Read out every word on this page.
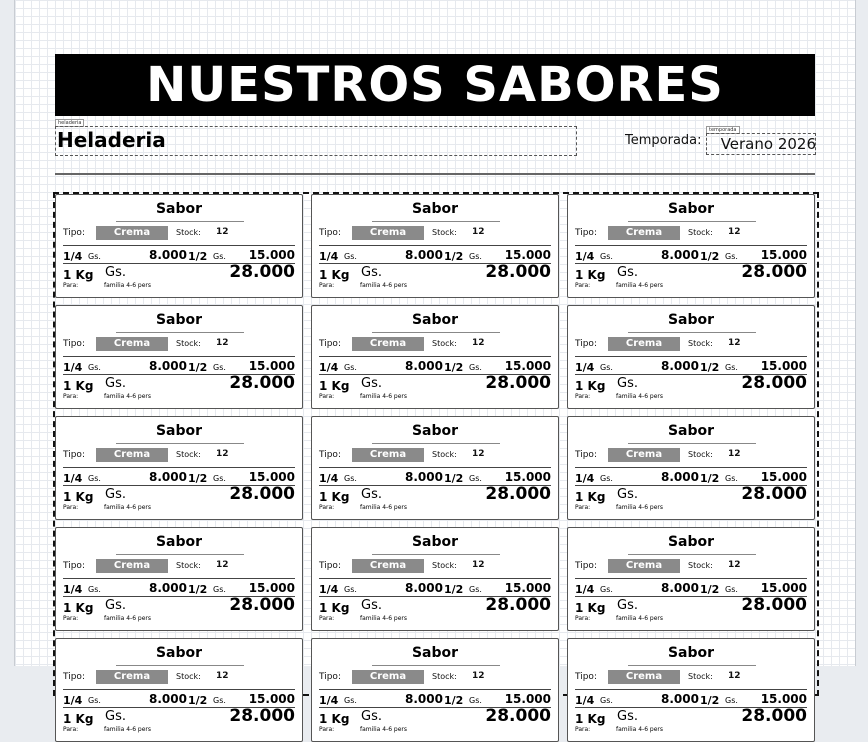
NUESTROS SABORES
heladeria
Heladeria	Temporada:
temporada
Verano 2026
Sabor
Tipo:	Crema	Stock: 12
1/4 Gs.	8.000 1/2 Gs. 15.000
1 Kg Gs.	28.000
Para:	familia 4-6 pers
Sabor
Tipo:	Crema	Stock: 12
1/4 Gs.	8.000 1/2 Gs. 15.000
1 Kg Gs.	28.000
Para:	familia 4-6 pers
Sabor
Tipo:	Crema	Stock: 12
1/4 Gs.	8.000 1/2 Gs. 15.000
1 Kg Gs.	28.000
Para:	familia 4-6 pers
Sabor
Tipo:	Crema	Stock: 12
1/4 Gs.	8.000 1/2 Gs. 15.000
1 Kg Gs.	28.000
Para:	familia 4-6 pers
Sabor
Tipo:	Crema	Stock: 12
1/4 Gs.	8.000 1/2 Gs. 15.000
1 Kg Gs.	28.000
Para:	familia 4-6 pers
Sabor
Tipo:	Crema	Stock: 12
1/4 Gs.	8.000 1/2 Gs. 15.000
1 Kg Gs.	28.000
Para:	familia 4-6 pers
Sabor
Tipo:	Crema	Stock: 12
1/4 Gs.	8.000 1/2 Gs. 15.000
1 Kg Gs.	28.000
Para:	familia 4-6 pers
Sabor
Tipo:	Crema	Stock: 12
1/4 Gs.	8.000 1/2 Gs. 15.000
1 Kg Gs.	28.000
Para:	familia 4-6 pers
Sabor
Tipo:	Crema	Stock: 12
1/4 Gs.	8.000 1/2 Gs. 15.000
1 Kg Gs.	28.000
Para:	familia 4-6 pers
Sabor
Tipo:	Crema	Stock: 12
1/4 Gs.	8.000 1/2 Gs. 15.000
1 Kg Gs.	28.000
Para:	familia 4-6 pers
Sabor
Tipo:	Crema	Stock: 12
1/4 Gs.	8.000 1/2 Gs. 15.000
1 Kg Gs.	28.000
Para:	familia 4-6 pers
Sabor
Tipo:	Crema	Stock: 12
1/4 Gs.	8.000 1/2 Gs. 15.000
1 Kg Gs.	28.000
Para:	familia 4-6 pers
Sabor
Tipo:	Crema	Stock: 12
1/4 Gs.	8.000 1/2 Gs. 15.000
1 Kg Gs.	28.000
Para:	familia 4-6 pers
Sabor
Tipo:	Crema	Stock: 12
1/4 Gs.	8.000 1/2 Gs. 15.000
1 Kg Gs.	28.000
Para:	familia 4-6 pers
Sabor
Tipo:	Crema	Stock: 12
1/4 Gs.	8.000 1/2 Gs. 15.000
1 Kg Gs.	28.000
Para:	familia 4-6 pers
